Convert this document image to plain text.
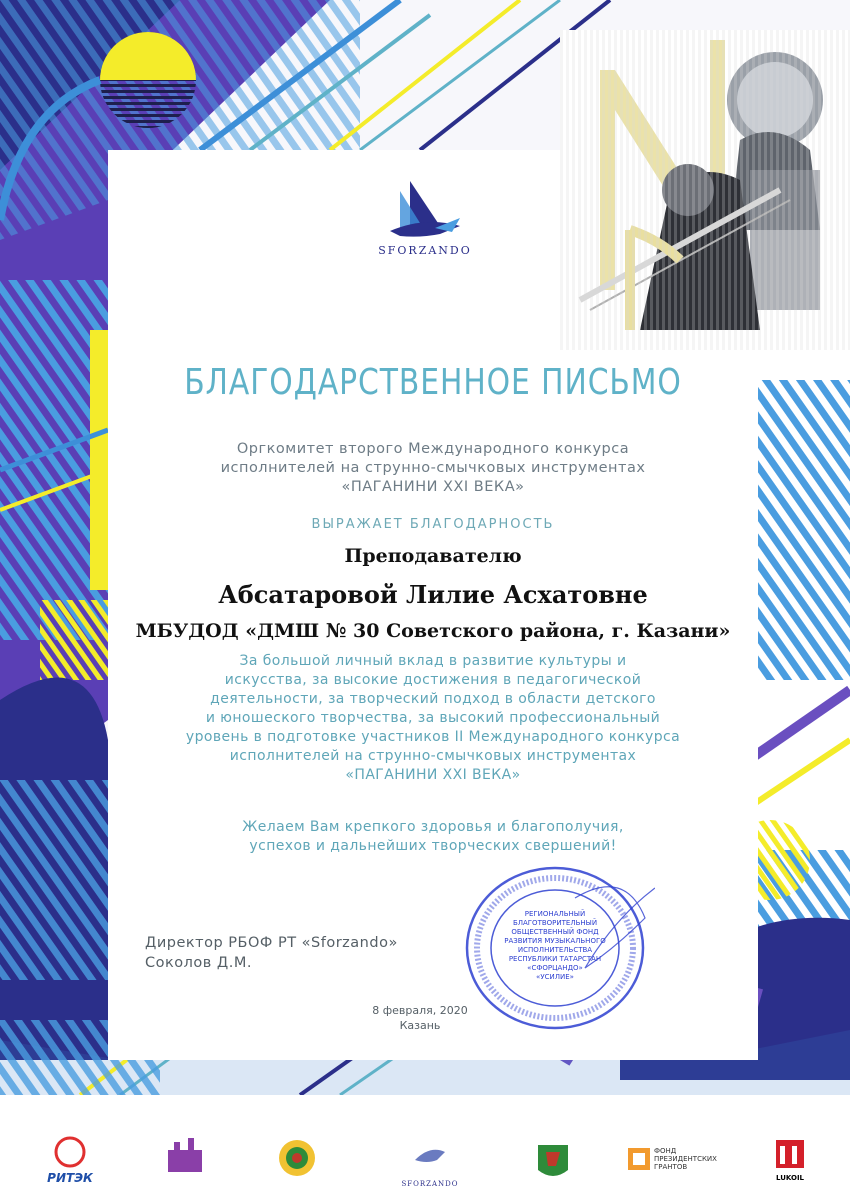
SFORZANDO
БЛАГОДАРСТВЕННОЕ ПИСЬМО
Оргкомитет второго Международного конкурса
исполнителей на струнно-смычковых инструментах
«ПАГАНИНИ XXI ВЕКА»
ВЫРАЖАЕТ БЛАГОДАРНОСТЬ
Преподавателю
Абсатаровой Лилие Асхатовне
МБУДОД «ДМШ № 30 Советского района, г. Казани»
За большой личный вклад в развитие культуры и
искусства, за высокие достижения в педагогической
деятельности, за творческий подход в области детского
и юношеского творчества, за высокий профессиональный
уровень в подготовке участников II Международного конкурса
исполнителей на струнно-смычковых инструментах
«ПАГАНИНИ XXI ВЕКА»
Желаем Вам крепкого здоровья и благополучия,
успехов и дальнейших творческих свершений!
Директор РБОФ РТ «Sforzando»
Соколов Д.М.
РЕГИОНАЛЬНЫЙ
БЛАГОТВОРИТЕЛЬНЫЙ
ОБЩЕСТВЕННЫЙ ФОНД
РАЗВИТИЯ МУЗЫКАЛЬНОГО
ИСПОЛНИТЕЛЬСТВА
РЕСПУБЛИКИ ТАТАРСТАН
«СФОРЦАНДО»
«УСИЛИЕ»
8 февраля, 2020
Казань
РИТЭК	SFORZANDO
ФОНД
ПРЕЗИДЕНТСКИХ
ГРАНТОВ
LUKOIL
